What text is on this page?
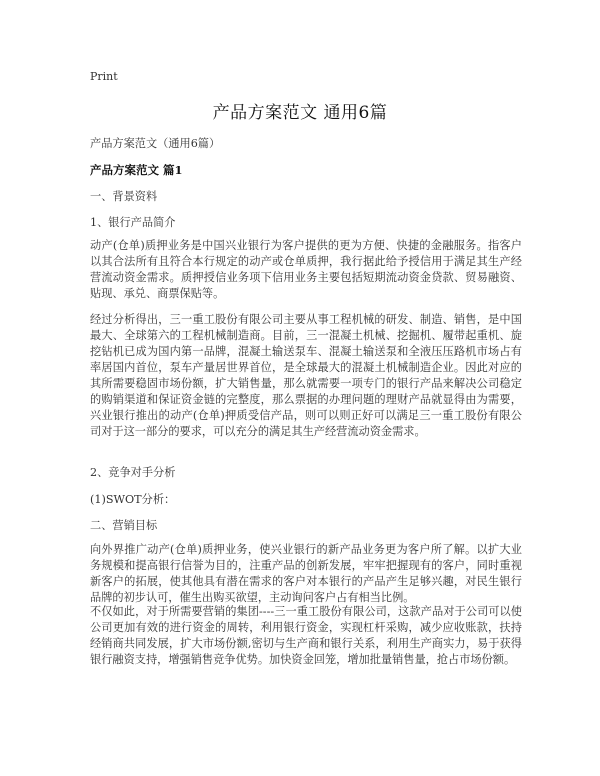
Print
产品方案范文 通用6篇
产品方案范文（通用6篇）
产品方案范文 篇1
一、背景资料
1、银行产品简介

动产(仓单)质押业务是中国兴业银行为客户提供的更为方便、快捷的金融服务。指客户以其合法所有且符合本行规定的动产或仓单质押，我行据此给予授信用于满足其生产经营流动资金需求。质押授信业务项下信用业务主要包括短期流动资金贷款、贸易融资、贴现、承兑、商票保贴等。

经过分析得出，三一重工股份有限公司主要从事工程机械的研发、制造、销售，是中国最大、全球第六的工程机械制造商。目前，三一混凝土机械、挖掘机、履带起重机、旋挖钻机已成为国内第一品牌，混凝土输送泵车、混凝土输送泵和全液压压路机市场占有率居国内首位，泵车产量居世界首位，是全球最大的混凝土机械制造企业。因此对应的其所需要稳固市场份额，扩大销售量，那么就需要一项专门的银行产品来解决公司稳定的购销渠道和保证资金链的完整度，那么票据的办理问题的理财产品就显得由为需要，兴业银行推出的动产(仓单)押质受信产品，则可以则正好可以满足三一重工股份有限公司对于这一部分的要求，可以充分的满足其生产经营流动资金需求。

2、竞争对手分析
(1)SWOT分析：
二、营销目标

向外界推广动产(仓单)质押业务，使兴业银行的新产品业务更为客户所了解。以扩大业务规模和提高银行信誉为目的，注重产品的创新发展，牢牢把握现有的客户，同时重视新客户的拓展，使其他具有潜在需求的客户对本银行的产品产生足够兴趣，对民生银行品牌的初步认可，催生出购买欲望，主动询问客户占有相当比例。

不仅如此，对于所需要营销的集团----三一重工股份有限公司，这款产品对于公司可以使公司更加有效的进行资金的周转，利用银行资金，实现杠杆采购，减少应收账款，扶持经销商共同发展，扩大市场份额,密切与生产商和银行关系，利用生产商实力，易于获得银行融资支持，增强销售竞争优势。加快资金回笼，增加批量销售量，抢占市场份额。
